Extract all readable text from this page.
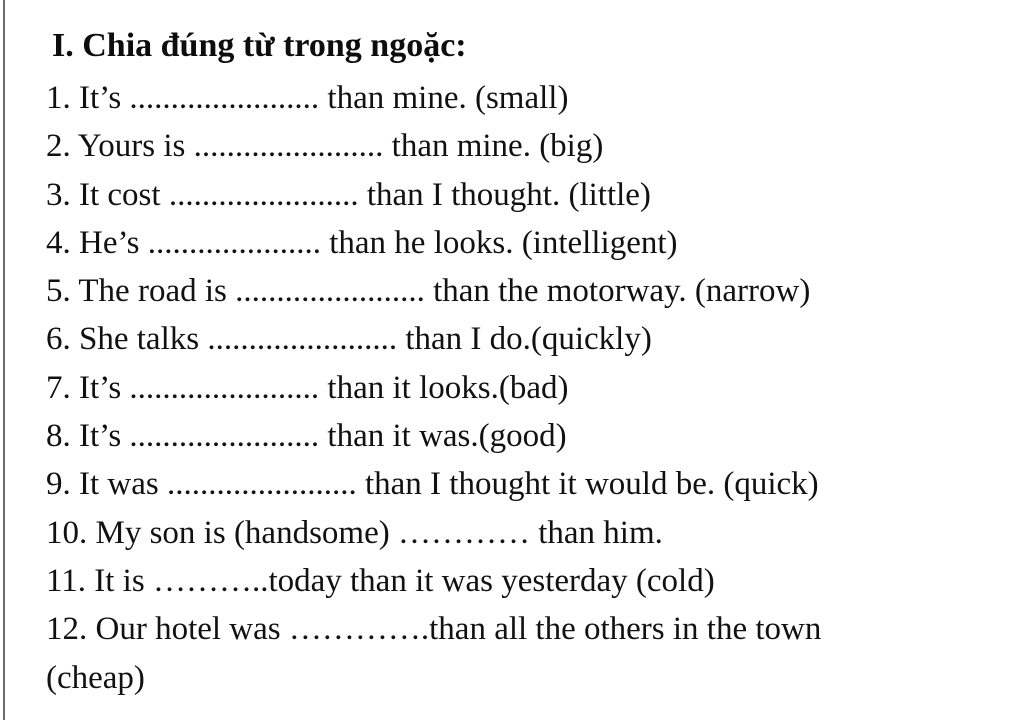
I. Chia đúng từ trong ngoặc:
1. It’s ....................... than mine. (small)
2. Yours is ....................... than mine. (big)
3. It cost ....................... than I thought. (little)
4. He’s ..................... than he looks. (intelligent)
5. The road is ....................... than the motorway. (narrow)
6. She talks ....................... than I do.(quickly)
7. It’s ....................... than it looks.(bad)
8. It’s ....................... than it was.(good)
9. It was ....................... than I thought it would be. (quick)
10. My son is (handsome) ………… than him.
11. It is ………..today than it was yesterday (cold)
12. Our hotel was ………….than all the others in the town
(cheap)
